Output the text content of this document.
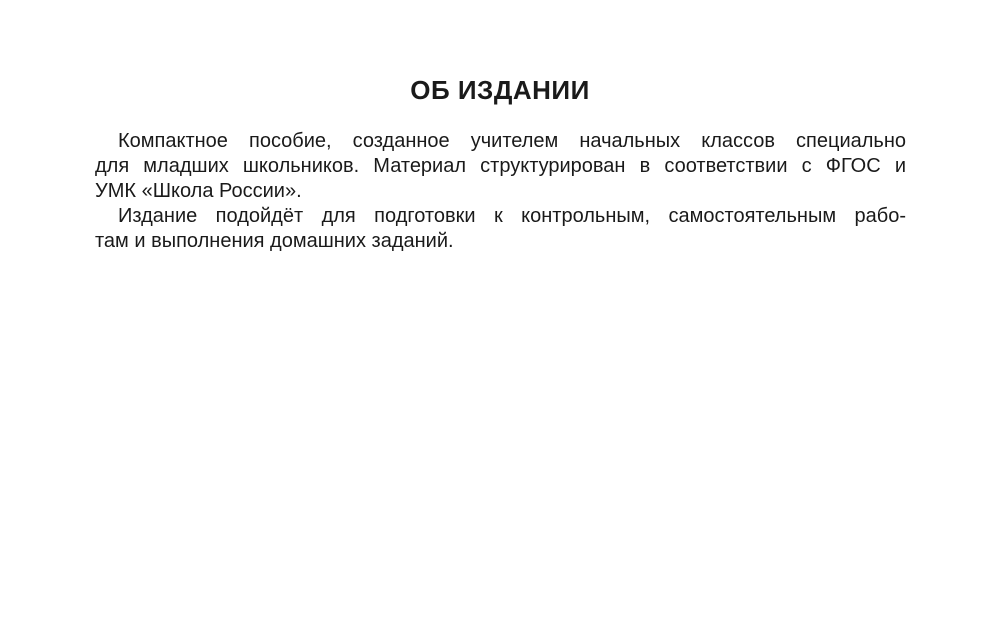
ОБ ИЗДАНИИ
Компактное пособие, созданное учителем начальных классов специально
для младших школьников. Материал структурирован в соответствии с ФГОС и
УМК «Школа России».
Издание подойдёт для подготовки к контрольным, самостоятельным рабо-
там и выполнения домашних заданий.
